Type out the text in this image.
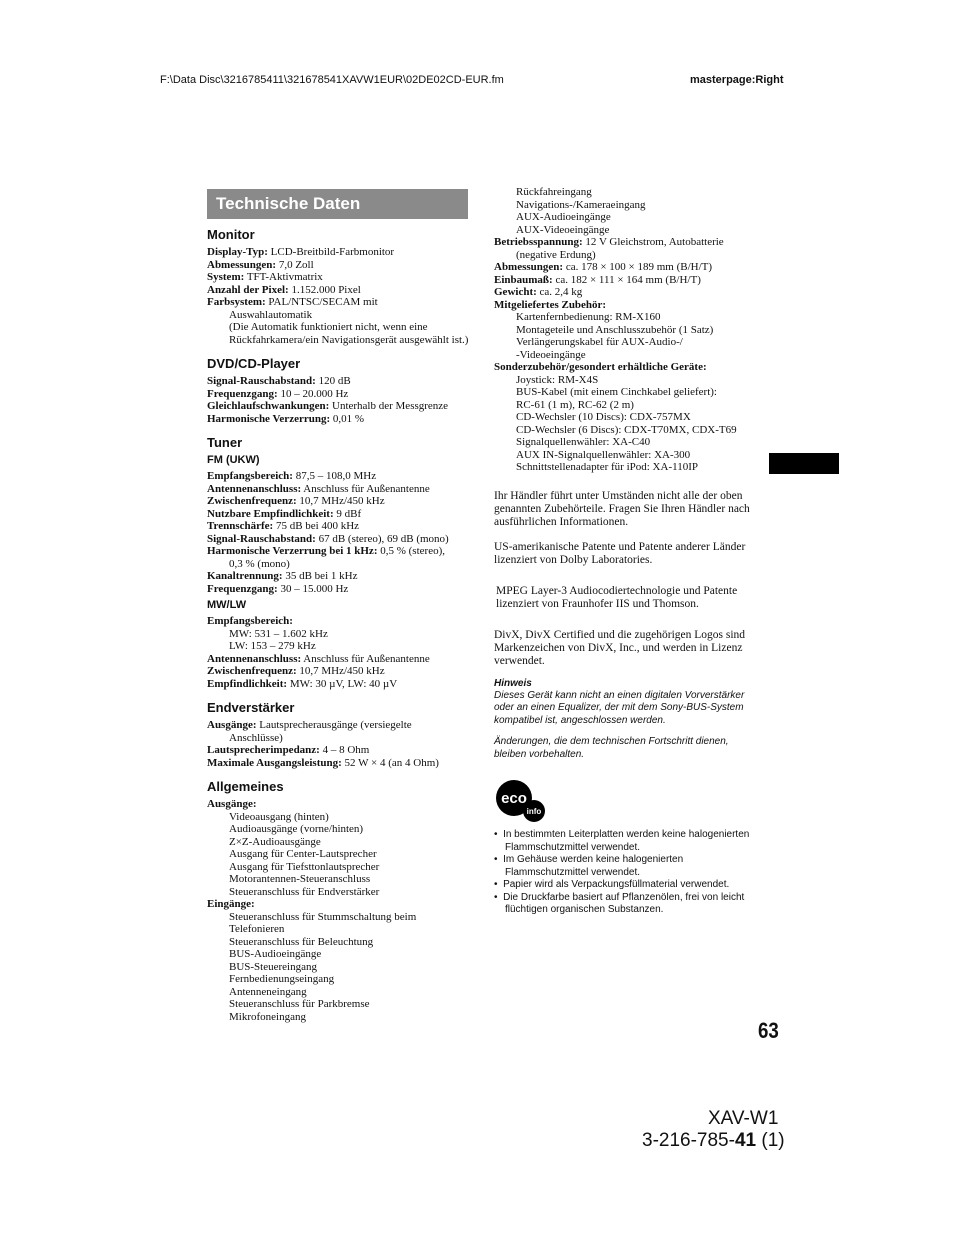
F:\Data Disc\3216785411\321678541XAVW1EUR\02DE02CD-EUR.fm	masterpage:Right
Technische Daten
Monitor
Display-Typ: LCD-Breitbild-Farbmonitor
Abmessungen: 7,0 Zoll
System: TFT-Aktivmatrix
Anzahl der Pixel: 1.152.000 Pixel
Farbsystem: PAL/NTSC/SECAM mit
Auswahlautomatik
(Die Automatik funktioniert nicht, wenn eine Rückfahrkamera/ein Navigationsgerät ausgewählt ist.)
DVD/CD-Player
Signal-Rauschabstand: 120 dB
Frequenzgang: 10 – 20.000 Hz
Gleichlaufschwankungen: Unterhalb der Messgrenze
Harmonische Verzerrung: 0,01 %
Tuner
FM (UKW)
Empfangsbereich: 87,5 – 108,0 MHz
Antennenanschluss: Anschluss für Außenantenne
Zwischenfrequenz: 10,7 MHz/450 kHz
Nutzbare Empfindlichkeit: 9 dBf
Trennschärfe: 75 dB bei 400 kHz
Signal-Rauschabstand: 67 dB (stereo), 69 dB (mono)
Harmonische Verzerrung bei 1 kHz: 0,5 % (stereo),
0,3 % (mono)
Kanaltrennung: 35 dB bei 1 kHz
Frequenzgang: 30 – 15.000 Hz
MW/LW
Empfangsbereich:
MW: 531 – 1.602 kHz
LW: 153 – 279 kHz
Antennenanschluss: Anschluss für Außenantenne
Zwischenfrequenz: 10,7 MHz/450 kHz
Empfindlichkeit: MW: 30 µV, LW: 40 µV
Endverstärker
Ausgänge: Lautsprecherausgänge (versiegelte
Anschlüsse)
Lautsprecherimpedanz: 4 – 8 Ohm
Maximale Ausgangsleistung: 52 W × 4 (an 4 Ohm)
Allgemeines
Ausgänge:
Videoausgang (hinten)
Audioausgänge (vorne/hinten)
Z×Z-Audioausgänge
Ausgang für Center-Lautsprecher
Ausgang für Tiefsttonlautsprecher
Motorantennen-Steueranschluss
Steueranschluss für Endverstärker
Eingänge:
Steueranschluss für Stummschaltung beim Telefonieren
Steueranschluss für Beleuchtung
BUS-Audioeingänge
BUS-Steuereingang
Fernbedienungseingang
Antenneneingang
Steueranschluss für Parkbremse
Mikrofoneingang
Rückfahreingang
Navigations-/Kameraeingang
AUX-Audioeingänge
AUX-Videoeingänge
Betriebsspannung: 12 V Gleichstrom, Autobatterie
(negative Erdung)
Abmessungen: ca. 178 × 100 × 189 mm (B/H/T)
Einbaumaß: ca. 182 × 111 × 164 mm (B/H/T)
Gewicht: ca. 2,4 kg
Mitgeliefertes Zubehör:
Kartenfernbedienung: RM-X160
Montageteile und Anschlusszubehör (1 Satz)
Verlängerungskabel für AUX-Audio-/
-Videoeingänge
Sonderzubehör/gesondert erhältliche Geräte:
Joystick: RM-X4S
BUS-Kabel (mit einem Cinchkabel geliefert):
RC-61 (1 m), RC-62 (2 m)
CD-Wechsler (10 Discs): CDX-757MX
CD-Wechsler (6 Discs): CDX-T70MX, CDX-T69
Signalquellenwähler: XA-C40
AUX IN-Signalquellenwähler: XA-300
Schnittstellenadapter für iPod: XA-110IP
Ihr Händler führt unter Umständen nicht alle der oben genannten Zubehörteile. Fragen Sie Ihren Händler nach ausführlichen Informationen.
US-amerikanische Patente und Patente anderer Länder lizenziert von Dolby Laboratories.
MPEG Layer-3 Audiocodiertechnologie und Patente lizenziert von Fraunhofer IIS und Thomson.
DivX, DivX Certified und die zugehörigen Logos sind Markenzeichen von DivX, Inc., und werden in Lizenz verwendet.
Hinweis
Dieses Gerät kann nicht an einen digitalen Vorverstärker oder an einen Equalizer, der mit dem Sony-BUS-System kompatibel ist, angeschlossen werden.
Änderungen, die dem technischen Fortschritt dienen, bleiben vorbehalten.
eco
info
•  In bestimmten Leiterplatten werden keine halogenierten Flammschutzmittel verwendet.
•  Im Gehäuse werden keine halogenierten Flammschutzmittel verwendet.
•  Papier wird als Verpackungsfüllmaterial verwendet.
•  Die Druckfarbe basiert auf Pflanzenölen, frei von leicht flüchtigen organischen Substanzen.
63
XAV-W1
3-216-785-41 (1)
